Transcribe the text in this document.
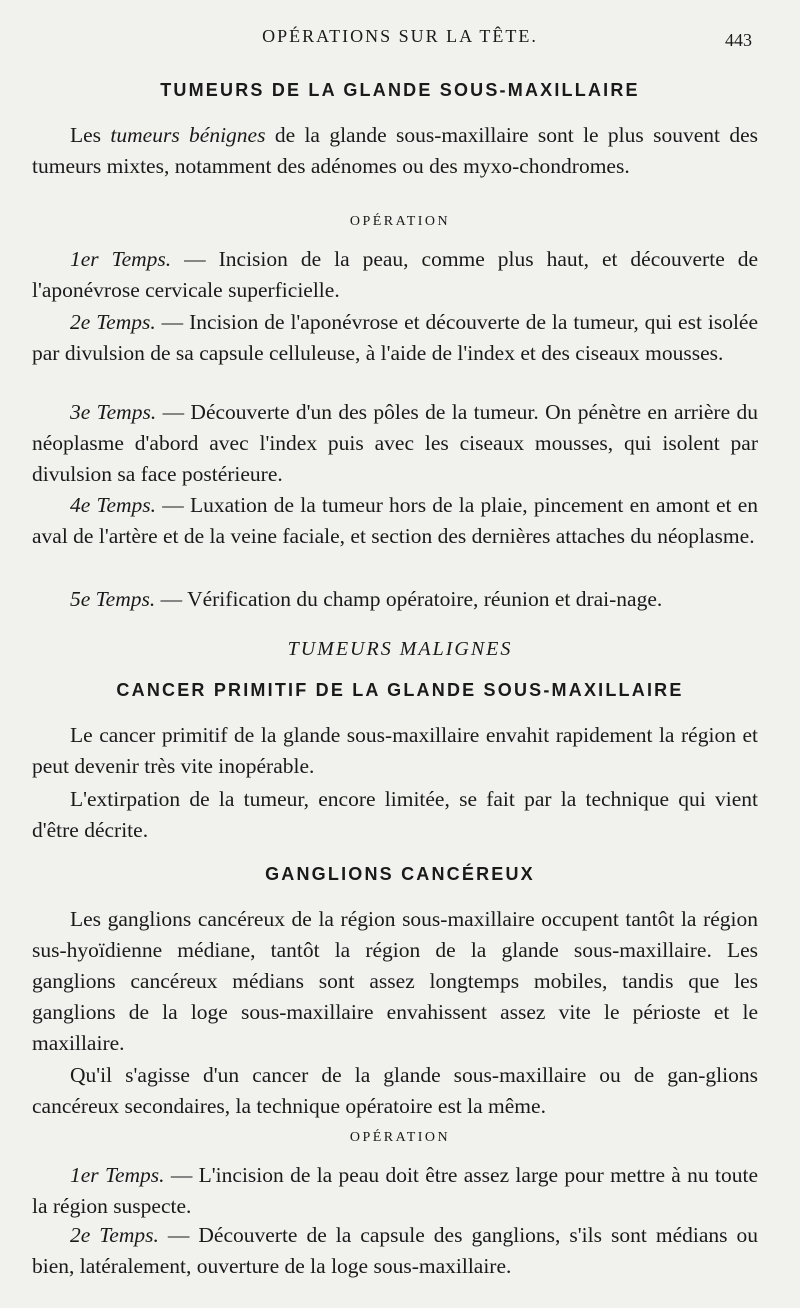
OPÉRATIONS SUR LA TÊTE.	443
TUMEURS DE LA GLANDE SOUS-MAXILLAIRE

Les tumeurs bénignes de la glande sous-maxillaire sont le plus souvent des tumeurs mixtes, notamment des adénomes ou des myxo-chondromes.

OPÉRATION

1er Temps. — Incision de la peau, comme plus haut, et découverte de l'aponévrose cervicale superficielle.

2e Temps. — Incision de l'aponévrose et découverte de la tumeur, qui est isolée par divulsion de sa capsule celluleuse, à l'aide de l'index et des ciseaux mousses.

3e Temps. — Découverte d'un des pôles de la tumeur. On pénètre en arrière du néoplasme d'abord avec l'index puis avec les ciseaux mousses, qui isolent par divulsion sa face postérieure.

4e Temps. — Luxation de la tumeur hors de la plaie, pincement en amont et en aval de l'artère et de la veine faciale, et section des dernières attaches du néoplasme.

5e Temps. — Vérification du champ opératoire, réunion et drai-nage.

TUMEURS MALIGNES
CANCER PRIMITIF DE LA GLANDE SOUS-MAXILLAIRE

Le cancer primitif de la glande sous-maxillaire envahit rapidement la région et peut devenir très vite inopérable.

L'extirpation de la tumeur, encore limitée, se fait par la technique qui vient d'être décrite.

GANGLIONS CANCÉREUX

Les ganglions cancéreux de la région sous-maxillaire occupent tantôt la région sus-hyoïdienne médiane, tantôt la région de la glande sous-maxillaire. Les ganglions cancéreux médians sont assez longtemps mobiles, tandis que les ganglions de la loge sous-maxillaire envahissent assez vite le périoste et le maxillaire.

Qu'il s'agisse d'un cancer de la glande sous-maxillaire ou de gan-glions cancéreux secondaires, la technique opératoire est la même.

OPÉRATION

1er Temps. — L'incision de la peau doit être assez large pour mettre à nu toute la région suspecte.

2e Temps. — Découverte de la capsule des ganglions, s'ils sont médians ou bien, latéralement, ouverture de la loge sous-maxillaire.
